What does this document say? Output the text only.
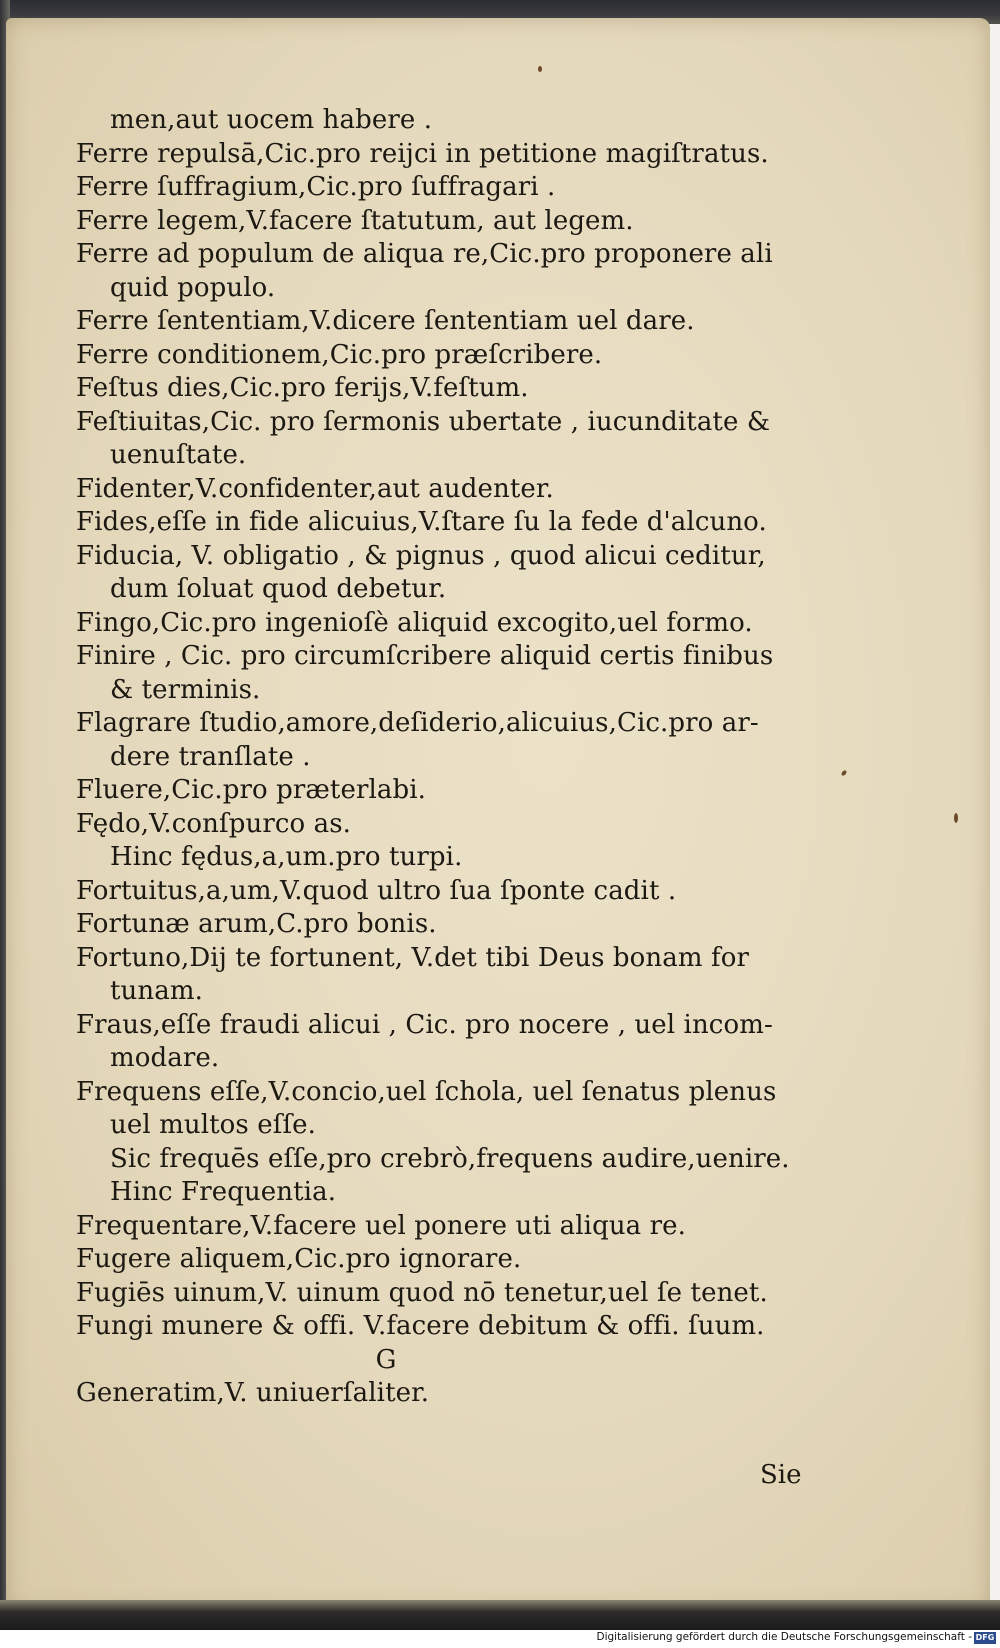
men,aut uocem habere .
Ferre repulsā,Cic.pro reijci in petitione magiſtratus.
Ferre ſuffragium,Cic.pro ſuffragari .
Ferre legem,V.facere ſtatutum, aut legem.
Ferre ad populum de aliqua re,Cic.pro proponere ali
quid populo.
Ferre ſententiam,V.dicere ſententiam uel dare.
Ferre conditionem,Cic.pro præſcribere.
Feſtus dies,Cic.pro ferijs,V.feſtum.
Feſtiuitas,Cic. pro ſermonis ubertate , iucunditate &
uenuſtate.
Fidenter,V.confidenter,aut audenter.
Fides,eſſe in fide alicuius,V.ſtare ſu la fede d'alcuno.
Fiducia, V. obligatio , & pignus , quod alicui ceditur,
dum ſoluat quod debetur.
Fingo,Cic.pro ingenioſè aliquid excogito,uel formo.
Finire , Cic. pro circumſcribere aliquid certis finibus
& terminis.
Flagrare ſtudio,amore,deſiderio,alicuius,Cic.pro ar-
dere tranſlate .
Fluere,Cic.pro præterlabi.
Fędo,V.conſpurco as.
Hinc fędus,a,um.pro turpi.
Fortuitus,a,um,V.quod ultro ſua ſponte cadit .
Fortunæ arum,C.pro bonis.
Fortuno,Dij te fortunent, V.det tibi Deus bonam for
tunam.
Fraus,eſſe fraudi alicui , Cic. pro nocere , uel incom-
modare.
Frequens eſſe,V.concio,uel ſchola, uel ſenatus plenus
uel multos eſſe.
Sic frequēs eſſe,pro crebrò,frequens audire,uenire.
Hinc Frequentia.
Frequentare,V.facere uel ponere uti aliqua re.
Fugere aliquem,Cic.pro ignorare.
Fugiēs uinum,V. uinum quod nō tenetur,uel ſe tenet.
Fungi munere & offi. V.facere debitum & offi. ſuum.
G
Generatim,V. uniuerſaliter.
Sie
Digitalisierung gefördert durch die Deutsche Forschungsgemeinschaft - DFG
